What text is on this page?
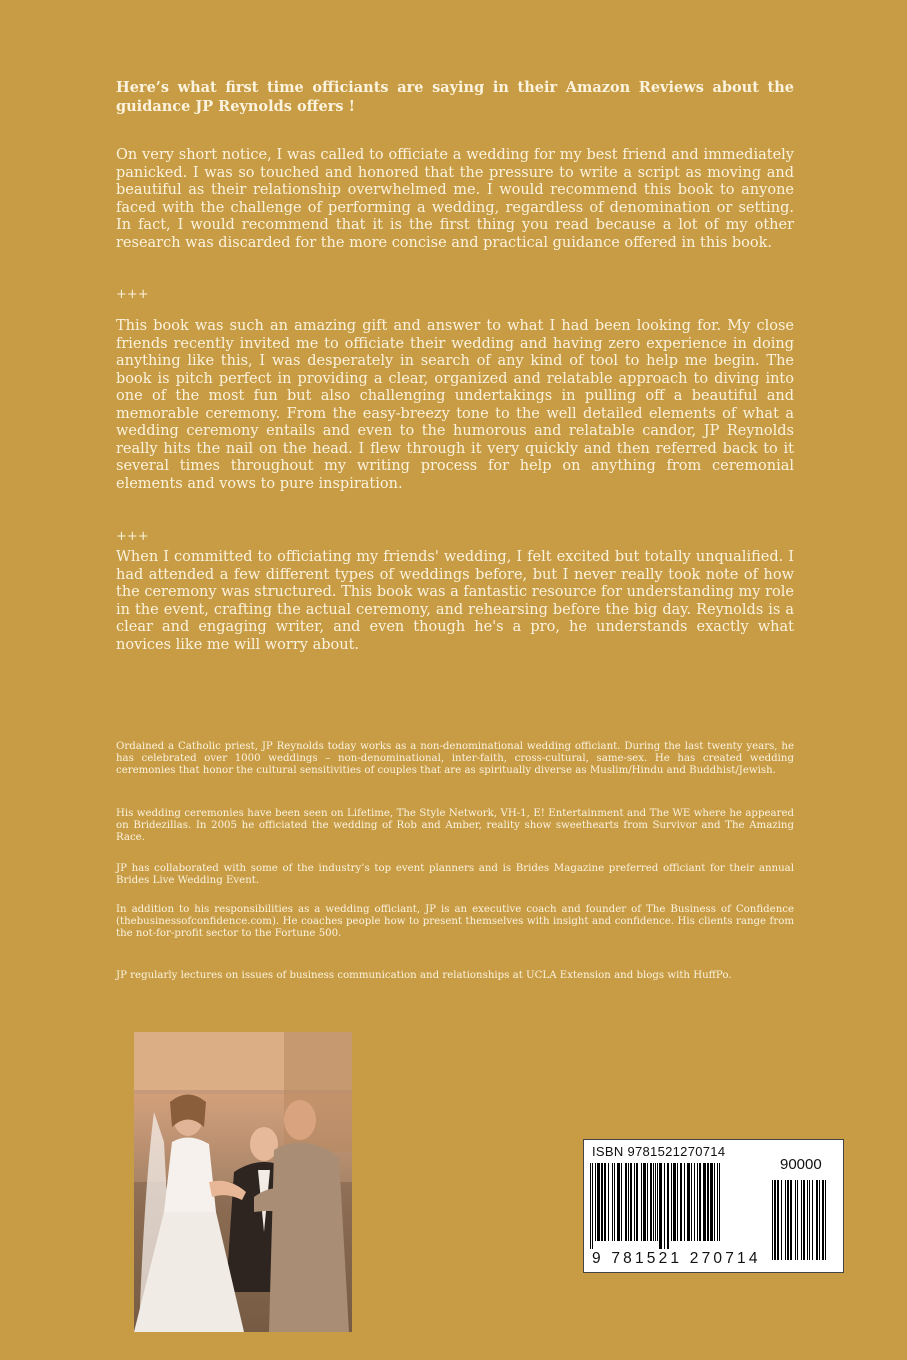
Here’s what first time officiants are saying in their Amazon Reviews about the guidance JP Reynolds offers !

On very short notice, I was called to officiate a wedding for my best friend and immediately panicked. I was so touched and honored that the pressure to write a script as moving and beautiful as their relationship overwhelmed me. I would recommend this book to anyone faced with the challenge of performing a wedding, regardless of denomination or setting. In fact, I would recommend that it is the first thing you read because a lot of my other research was discarded for the more concise and practical guidance offered in this book.

+++

This book was such an amazing gift and answer to what I had been looking for. My close friends recently invited me to officiate their wedding and having zero experience in doing anything like this, I was desperately in search of any kind of tool to help me begin. The book is pitch perfect in providing a clear, organized and relatable approach to diving into one of the most fun but also challenging undertakings in pulling off a beautiful and memorable ceremony. From the easy-breezy tone to the well detailed elements of what a wedding ceremony entails and even to the humorous and relatable candor, JP Reynolds really hits the nail on the head. I flew through it very quickly and then referred back to it several times throughout my writing process for help on anything from ceremonial elements and vows to pure inspiration.

+++

When I committed to officiating my friends' wedding, I felt excited but totally unqualified. I had attended a few different types of weddings before, but I never really took note of how the ceremony was structured. This book was a fantastic resource for understanding my role in the event, crafting the actual ceremony, and rehearsing before the big day. Reynolds is a clear and engaging writer, and even though he's a pro, he understands exactly what novices like me will worry about.

Ordained a Catholic priest, JP Reynolds today works as a non-denominational wedding officiant. During the last twenty years, he has celebrated over 1000 weddings – non-denominational, inter-faith, cross-cultural, same-sex. He has created wedding ceremonies that honor the cultural sensitivities of couples that are as spiritually diverse as Muslim/Hindu and Buddhist/Jewish.

His wedding ceremonies have been seen on Lifetime, The Style Network, VH-1, E! Entertainment and The WE where he appeared on Bridezillas. In 2005 he officiated the wedding of Rob and Amber, reality show sweethearts from Survivor and The Amazing Race.

JP has collaborated with some of the industry’s top event planners and is Brides Magazine preferred officiant for their annual Brides Live Wedding Event.

In addition to his responsibilities as a wedding officiant, JP is an executive coach and founder of The Business of Confidence (thebusinessofconfidence.com). He coaches people how to present themselves with insight and confidence. His clients range from the not-for-profit sector to the Fortune 500.

JP regularly lectures on issues of business communication and relationships at UCLA Extension and blogs with HuffPo.

ISBN 9781521270714
90000
9 781521 270714
